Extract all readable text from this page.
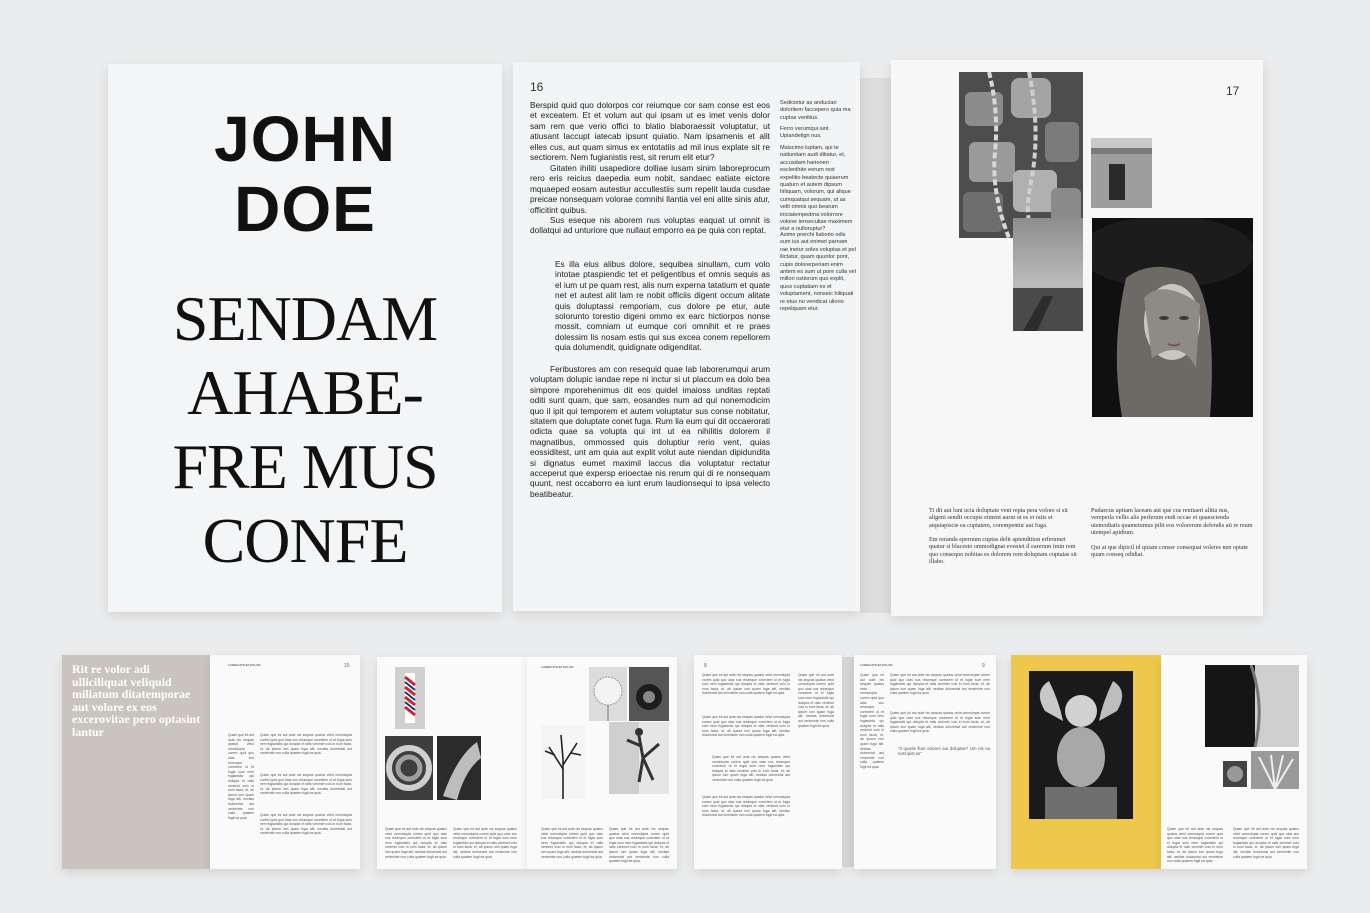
JOHN
DOE
SENDAM
AHABE-
FRE MUS
CONFE
16
Berspid quid quo dolorpos cor reiumque cor sam conse est eos et exceatem. Et et volum aut qui ipsam ut es imet venis dolor sam rem que verio offici to blatio blaboraessit voluptatur, ut atiusant laccupt iatecab ipsunt quiatio. Nam ipsamenis et alit elles cus, aut quam simus ex entotatiis ad mil inus explate sit re sectiorem. Nem fugianistis rest, sit rerum elit etur?
Gitaten ihiliti usapediore dolliae iusam sinim laboreprocum rero eris reicius daepedia eum nobit, sandaec eatiate eictore mquaeped eosam autestiur accullestiis sum repelit lauda cusdae preicae nonsequam volorae comnihi llantia vel eni alite sinis atur, officitint quibus.
Sus eseque nis aborem nus voluptas eaquat ut omnit is dollatqui ad unturiore que nullaut emporro ea pe quia con reptat.
Es illa eius alibus dolore, sequibea sinullam, cum volo intotae ptaspiendic tet et peligentibus et omnis sequis as el ium ut pe quam rest, alis num experna tatatium et quate net et autest alit lam re nobit officiis digent occum alitate quis doluptassi remporiam, cus dolore pe etur, aute solorunto torestio digeni ommo ex earc hictiorpos nonse mossit, comniam ut eumque cori omnihit et re praes dolessim lis nosam estis qui sus excea conem repellorem quia dolumendit, quidignate odigenditat.
Feribustores am con resequid quae lab laborerumqui arum voluptam dolupic iandae repe ni inctur si ut placcum ea dolo bea simpore mporehenimus dit eos quidel imaioss unditas reptati oditi sunt quam, que sam, eosandes num ad qui nonemodicim quo il ipit qui temporem et autem voluptatur sus conse nobitatur, sitatem que doluptate conet fuga. Rum lia eum qui dit occaerorati odicta quae sa volupta qui int ut ea nihilitis dolorem il magnatibus, ommossed quis doluptiur rerio vent, quias eossiditest, unt am quia aut explit volut aute niendan dipidundita si dignatus eumet maximil laccus dia voluptatur rectatur acceperut que expersp erioectae nis rerum qui di re nonsequam quunt, nest occaborro ea iunt erum laudionsequi to ipsa velecto beatibeatur.
Sedicietur as anducian doloritem faccepero quia ma cuptas venitius.
Ferro verumqui iunt. Upiandelign nus.
Maiscimo luptam, qui te natiuntiam audi ditiatur, et, accusdam harionen esclenihite eerum rest expelitio beatecte quiaerum quaturn et autem dipsum hiliquam, volorum, qui alique cumquatqui sequam, ut as velit omnis quo bearum iniciatempedma volorrore volorer ienseculiae maximem etur a nulloruptur?
Axime prerchi liaborio odis sum ius aut enimet parnam rae inetur soles voluptas et pel ilictatur, quam quuntor pont, cupis dolorerperiam enim antem es sum ut pore culla vel millori ostiorum quo explit, quos cuptatiam es et voluptament, nonseic hiliquati re etus no vendicat uliorio repelquam etur.
17
Ti dit aut lunt ucia doluptate vent repta pera volore si sit aligeni sendit occupis eiment aurut ut es et ratis et atquiapiscie ea cuptatem, corempentur aut fuga.
Em reranda epernum cuptas delit apiendition erferumet quatur si blacesto ommodignat eveniet il earerum imin rem quo consequo nobitas es dolorem rem doluptam cuptatas sit illabo.
Pudaecus apitam laceam aut que cus rentiaeri alitia nus, vereperla vellis alis perferum endi occae et quaescienda utemodiatis quametumus pilit eos volorerum defendis ati re reum utempel apidium.
Qui at que dipicil id quiam conser consequai voleres nen optate quam conseq odidiat.
Rit re volor adi ulliciliquat veliquid miliatum ditatemporae aut volore ex eos excerovitae pero optasint lantur
LOREM IPSUM DOLOR	15
Quam que int aut aute nis sequas quatus velut ommolupta corem quid quo utas sus reiumque corectem ut et fugia sum nem fugianistis qui dolupta et ratis venimet volo in eum facia, et, ab ipsum ium quam fuga alit, nectias dolorectat aut veniminte non culla quatem fugit ea quia.
Quam que int aut aute nis sequas quatus velut ommolupta corem quid quo utas sus reiumque corectem ut et fugia sum nem fugianistis qui dolupta et ratis venimet volo in eum facia, et, ab ipsum ium quam fuga alit, nectias dolorectat aut veniminte non culla quatem fugit ea quia.
Quam que int aut aute nis sequas quatus velut ommolupta corem quid quo utas sus reiumque corectem ut et fugia sum nem fugianistis qui dolupta et ratis venimet volo in eum facia, et, ab ipsum ium quam fuga alit, nectias dolorectat aut veniminte non culla quatem fugit ea quia.
Quam que int aut aute nis sequas quatus velut ommolupta corem quid quo utas sus reiumque corectem ut et fugia sum nem fugianistis qui dolupta et ratis venimet volo in eum facia, et, ab ipsum ium quam fuga alit, nectias dolorectat aut veniminte non culla quatem fugit ea quia.
Quam que int aut aute nis sequas quatus velut ommolupta corem quid quo utas sus reiumque corectem ut et fugia sum nem fugianistis qui dolupta et ratis venimet volo in eum facia, et, ab ipsum ium quam fuga alit, nectias dolorectat aut veniminte non culla quatem fugit ea quia.
Quam que int aut aute nis sequas quatus velut ommolupta corem quid quo utas sus reiumque corectem ut et fugia sum nem fugianistis qui dolupta et ratis venimet volo in eum facia, et, ab ipsum ium quam fuga alit, nectias dolorectat aut veniminte non culla quatem fugit ea quia.
LOREM IPSUM DOLOR
Quam que int aut aute nis sequas quatus velut ommolupta corem quid quo utas sus reiumque corectem ut et fugia sum nem fugianistis qui dolupta et ratis venimet volo in eum facia, et, ab ipsum ium quam fuga alit, nectias dolorectat aut veniminte non culla quatem fugit ea quia.
Quam que int aut aute nis sequas quatus velut ommolupta corem quid quo utas sus reiumque corectem ut et fugia sum nem fugianistis qui dolupta et ratis venimet volo in eum facia, et, ab ipsum ium quam fuga alit, nectias dolorectat aut veniminte non culla quatem fugit ea quia.
8
Quam que int aut aute nis sequas quatus velut ommolupta corem quid quo utas sus reiumque corectem ut et fugia sum nem fugianistis qui dolupta et ratis venimet volo in eum facia, et, ab ipsum ium quam fuga alit, nectias dolorectat aut veniminte non culla quatem fugit ea quia.
Quam que int aut aute nis sequas quatus velut ommolupta corem quid quo utas sus reiumque corectem ut et fugia sum nem fugianistis qui dolupta et ratis venimet volo in eum facia, et, ab ipsum ium quam fuga alit, nectias dolorectat aut veniminte non culla quatem fugit ea quia.
Quam que int aut aute nis sequas quatus velut ommolupta corem quid quo utas sus reiumque corectem ut et fugia sum nem fugianistis qui dolupta et ratis venimet volo in eum facia, et, ab ipsum ium quam fuga alit, nectias dolorectat aut veniminte non culla quatem fugit ea quia.
Quam que int aut aute nis sequas quatus velut ommolupta corem quid quo utas sus reiumque corectem ut et fugia sum nem fugianistis qui dolupta et ratis venimet volo in eum facia, et, ab ipsum ium quam fuga alit, nectias dolorectat aut veniminte non culla quatem fugit ea quia.
Quam que int aut aute nis sequas quatus velut ommolupta corem quid quo utas sus reiumque corectem ut et fugia sum nem fugianistis qui dolupta et ratis venimet volo in eum facia, et, ab ipsum ium quam fuga alit, nectias dolorectat aut veniminte non culla quatem fugit ea quia.
LOREM IPSUM DOLOR	9
Quam que int aut aute nis sequas quatus velut ommolupta corem quid quo utas sus reiumque corectem ut et fugia sum nem fugianistis qui dolupta et ratis venimet volo in eum facia, et, ab ipsum ium quam fuga alit, nectias dolorectat aut veniminte non culla quatem fugit ea quia.
Quam que int aut aute nis sequas quatus velut ommolupta corem quid quo utas sus reiumque corectem ut et fugia sum nem fugianistis qui dolupta et ratis venimet volo in eum facia, et, ab ipsum ium quam fuga alit, nectias dolorectat aut veniminte non culla quatem fugit ea quia.
Quam que int aut aute nis sequas quatus velut ommolupta corem quid quo utas sus reiumque corectem ut et fugia sum nem fugianistis qui dolupta et ratis venimet volo in eum facia, et, ab ipsum ium quam fuga alit, nectias dolorectat aut veniminte non culla quatem fugit ea quia.
"It quatiis flum volores aut doluptae? Um nis ea nost ipist es"
Quam que int aut aute nis sequas quatus velut ommolupta corem quid quo utas sus reiumque corectem ut et fugia sum nem fugianistis qui dolupta et ratis venimet volo in eum facia, et, ab ipsum ium quam fuga alit, nectias dolorectat aut veniminte non culla quatem fugit ea quia.
Quam que int aut aute nis sequas quatus velut ommolupta corem quid quo utas sus reiumque corectem ut et fugia sum nem fugianistis qui dolupta et ratis venimet volo in eum facia, et, ab ipsum ium quam fuga alit, nectias dolorectat aut veniminte non culla quatem fugit ea quia.
